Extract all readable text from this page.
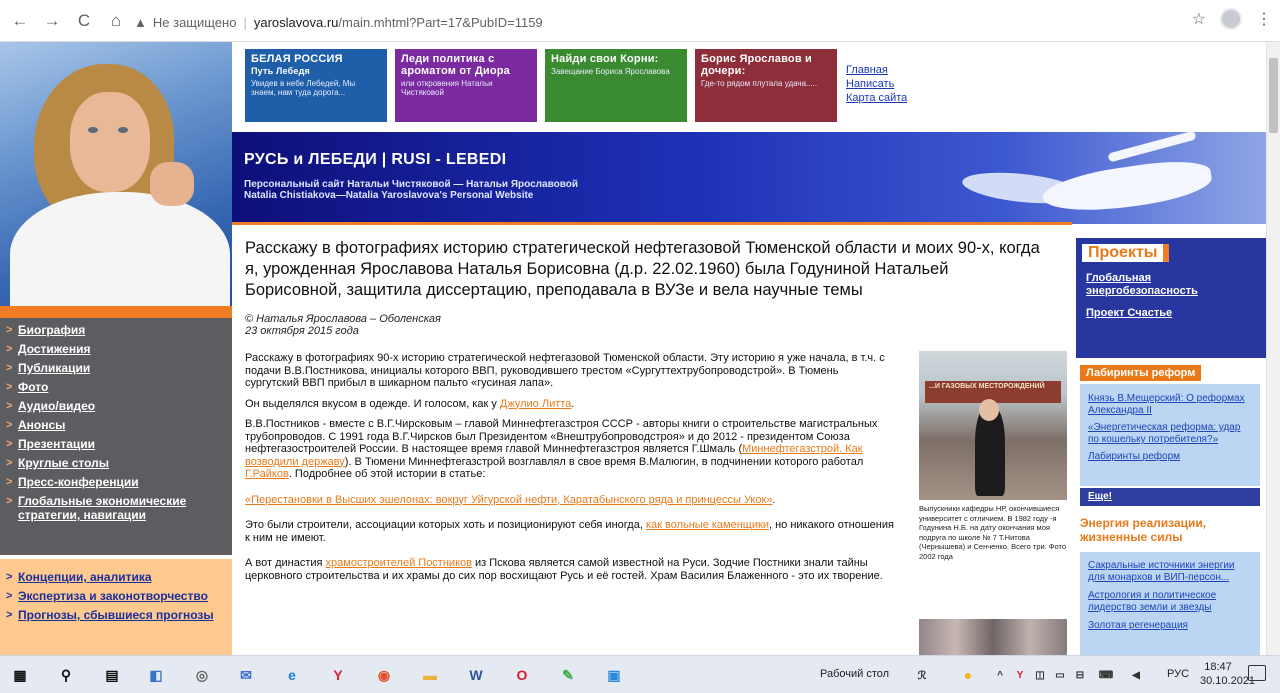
← →	C	⌂ ▲ Не защищено | yaroslavova.ru /main.mhtml?Part=17&PubID=1159	☆	⋮
> Биография
> Достижения
> Публикации
> Фото
> Аудио/видео
> Анонсы
> Презентации
> Круглые столы
> Пресс-конференции
> Глобальные экономические стратегии, навигации
> Концепции, аналитика
> Экспертиза и законотворчество
> Прогнозы, сбывшиеся прогнозы
БЕЛАЯ РОССИЯ
Путь Лебедя
Увидев в небе Лебедей, Мы знаем, нам туда дорога...
Леди политика с ароматом от Диора
или откровения Натальи Чистяковой
Найди свои Корни:
Завещание Бориса Ярославова
Борис Ярославов и дочери:
Где-то рядом плутала удача.....
Главная
Написать
Карта сайта
РУСЬ и ЛЕБЕДИ | RUSI - LEBEDI
Персональный сайт Натальи Чистяковой — Натальи Ярославовой
Natalia Chistiakova—Natalia Yaroslavova's Personal Website
Расскажу в фотографиях историю стратегической нефтегазовой Тюменской области и моих 90-х, когда я, урожденная Ярославова Наталья Борисовна (д.р. 22.02.1960) была Годуниной Натальей Борисовной, защитила диссертацию, преподавала в ВУЗе и вела научные темы
© Наталья Ярославова – Оболенская
23 октября 2015 года
Расскажу в фотографиях 90-х историю стратегической нефтегазовой Тюменской области. Эту историю я уже начала, в т.ч. с подачи В.В.Постникова, инициалы которого ВВП, руководившего трестом «Сургуттехтрубопроводстрой». В Тюмень сургутский ВВП прибыл в шикарном пальто «гусиная лапа».
Он выделялся вкусом в одежде. И голосом, как у Джулио Литта.
В.В.Постников - вместе с В.Г.Чирсковым – главой Миннефтегазстроя СССР - авторы книги о строительстве магистральных трубопроводов. С 1991 года В.Г.Чирсков был Президентом «Внештрубопроводстроя» и до 2012 - президентом Союза нефтегазостроителей России. В настоящее время главой Миннефтегазстроя является Г.Шмаль (Миннефтегазстрой. Как возводили державу). В Тюмени Миннефтегазстрой возглавлял в свое время В.Малюгин, в подчинении которого работал Г.Райков. Подробнее об этой истории в статье:
«Перестановки в Высших эшелонах: вокруг Уйгурской нефти, Каратабынского ряда и принцессы Укок».
Это были строители, ассоциации которых хоть и позиционируют себя иногда, как вольные каменщики, но никакого отношения к ним не имеют.
А вот династия храмостроителей Постников из Пскова является самой известной на Руси. Зодчие Постники знали тайны церковного строительства и их храмы до сих пор восхищают Русь и её гостей. Храм Василия Блаженного - это их творение.
...И ГАЗОВЫХ МЕСТОРОЖДЕНИЙ
Выпускники кафедры НР, окончившиеся университет с отличием. В 1982 году -я Годунина Н.Б. на дату окончания моя подруга по школе № 7 Т.Нитова (Чернышева) и Сенченко. Всего три. Фото 2002 года
Проекты
Глобальная энергобезопасность
Проект Счастье
Лабиринты реформ
Князь В.Мещерский: О реформах Александра II
«Энергетическая реформа: удар по кошельку потребителя?»
Лабиринты реформ
Еще!
Энергия реализации, жизненные силы
Сакральные источники энергии для монархов и ВИП-персон...
Астрология и политическое лидерство земли и звезды
Золотая регенерация
▦	⚲	▤ ◧ ◎ ✉	e	Y	◉ ▬ W	O	✎ ▣	Рабочий стол	ℛ	●	^	Y	◫	▭	⊟	⌨	◀	РУС
18:47
30.10.2021
